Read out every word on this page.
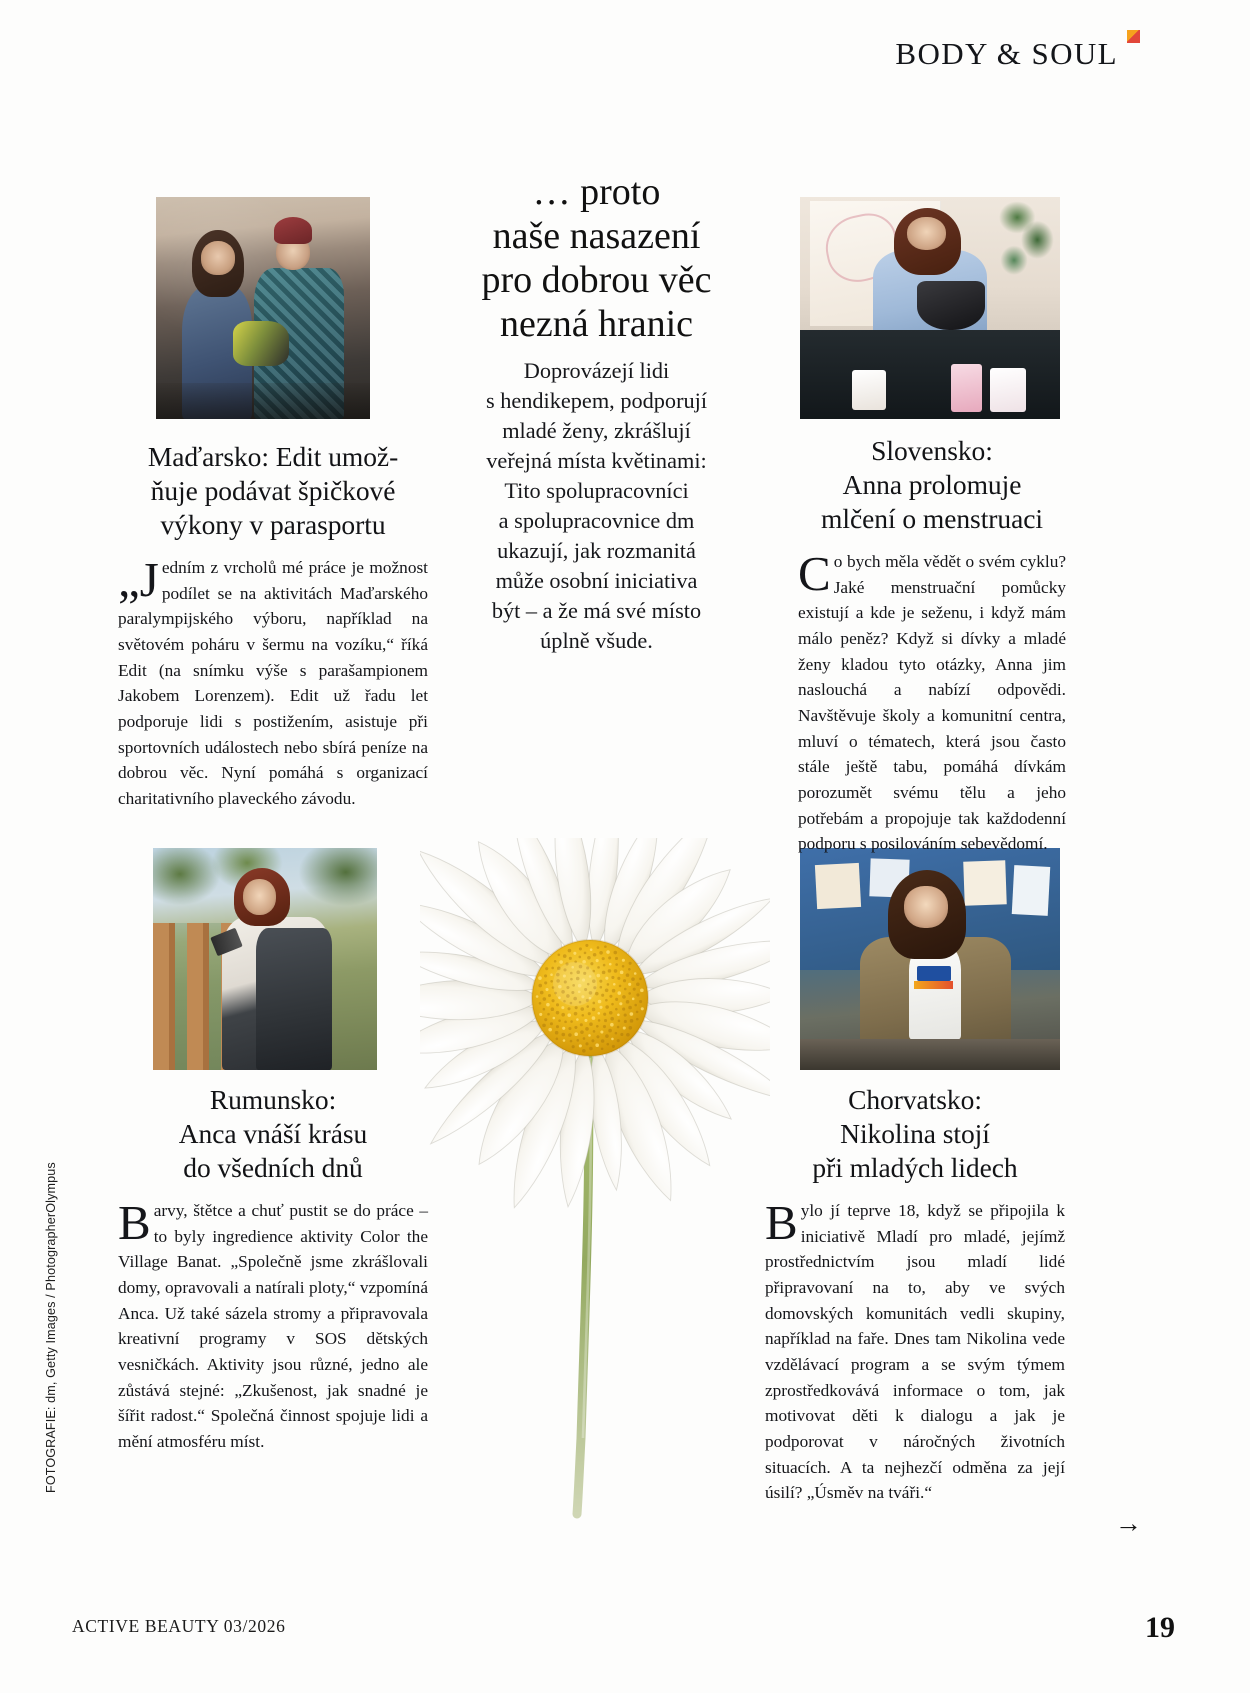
BODY & SOUL
… proto
naše nasazení
pro dobrou věc
nezná hranic
Doprovázejí lidi
s hendikepem, podporují
mladé ženy, zkrášlují
veřejná místa květinami:
Tito spolupracovníci
a spolupracovnice dm
ukazují, jak rozmanitá
může osobní iniciativa
být – a že má své místo
úplně všude.
Maďarsko: Edit umož-
ňuje podávat špičkové
výkony v parasportu

„Jedním z vrcholů mé práce je možnost podílet se na aktivitách Maďarského paralympijského výboru, například na světovém poháru v šermu na vozíku,“ říká Edit (na snímku výše s parašampionem Jakobem Lorenzem). Edit už řadu let podporuje lidi s postižením, asistuje při sportovních událostech nebo sbírá peníze na dobrou věc. Nyní pomáhá s organizací charitativního plaveckého závodu.

Slovensko:
Anna prolomuje
mlčení o menstruaci

Co bych měla vědět o svém cyklu? Jaké menstruační pomůcky existují a kde je seženu, i když mám málo peněz? Když si dívky a mladé ženy kladou tyto otázky, Anna jim naslouchá a nabízí odpovědi. Navštěvuje školy a komunitní centra, mluví o tématech, která jsou často stále ještě tabu, pomáhá dívkám porozumět svému tělu a jeho potřebám a propojuje tak každodenní podporu s posilováním sebevědomí.

Rumunsko:
Anca vnáší krásu
do všedních dnů

Barvy, štětce a chuť pustit se do práce – to byly ingredience aktivity Color the Village Banat. „Společně jsme zkrášlovali domy, opravovali a natírali ploty,“ vzpomíná Anca. Už také sázela stromy a připravovala kreativní programy v SOS dětských vesničkách. Aktivity jsou různé, jedno ale zůstává stejné: „Zkušenost, jak snadné je šířit radost.“ Společná činnost spojuje lidi a mění atmosféru míst.

Chorvatsko:
Nikolina stojí
při mladých lidech

Bylo jí teprve 18, když se připojila k iniciativě Mladí pro mladé, jejímž prostřednictvím jsou mladí lidé připravovaní na to, aby ve svých domovských komunitách vedli skupiny, například na faře. Dnes tam Nikolina vede vzdělávací program a se svým týmem zprostředkovává informace o tom, jak motivovat děti k dialogu a jak je podporovat v náročných životních situacích. A ta nejhezčí odměna za její úsilí? „Úsměv na tváři.“

FOTOGRAFIE: dm, Getty Images / PhotographerOlympus
→
ACTIVE BEAUTY 03/2026	19
